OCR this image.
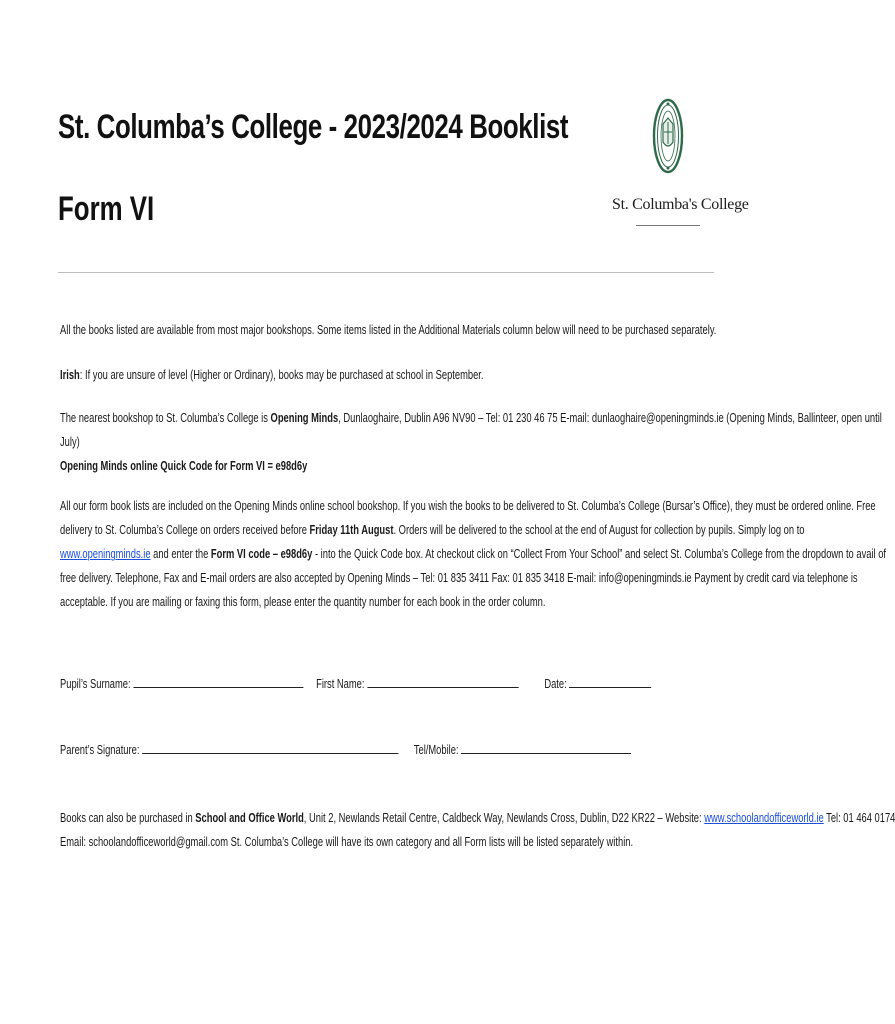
St. Columba’s College - 2023/2024 Booklist
Form VI	St. Columba's College
All the books listed are available from most major bookshops. Some items listed in the Additional Materials column below will need to be purchased separately.
Irish: If you are unsure of level (Higher or Ordinary), books may be purchased at school in September.
The nearest bookshop to St. Columba’s College is Opening Minds, Dunlaoghaire, Dublin A96 NV90 – Tel: 01 230 46 75 E-mail: dunlaoghaire@openingminds.ie (Opening Minds, Ballinteer, open until
July)
Opening Minds online Quick Code for Form VI = e98d6y
All our form book lists are included on the Opening Minds online school bookshop. If you wish the books to be delivered to St. Columba’s College (Bursar’s Office), they must be ordered online. Free
delivery to St. Columba’s College on orders received before Friday 11th August. Orders will be delivered to the school at the end of August for collection by pupils. Simply log on to
www.openingminds.ie and enter the Form VI code – e98d6y - into the Quick Code box. At checkout click on “Collect From Your School” and select St. Columba’s College from the dropdown to avail of
free delivery. Telephone, Fax and E-mail orders are also accepted by Opening Minds – Tel: 01 835 3411 Fax: 01 835 3418 E-mail: info@openingminds.ie Payment by credit card via telephone is
acceptable. If you are mailing or faxing this form, please enter the quantity number for each book in the order column.
Pupil’s Surname:	First Name:	Date:
Parent’s Signature:	Tel/Mobile:
Books can also be purchased in School and Office World, Unit 2, Newlands Retail Centre, Caldbeck Way, Newlands Cross, Dublin, D22 KR22 – Website: www.schoolandofficeworld.ie Tel: 01 464 0174
Email: schoolandofficeworld@gmail.com St. Columba’s College will have its own category and all Form lists will be listed separately within.
